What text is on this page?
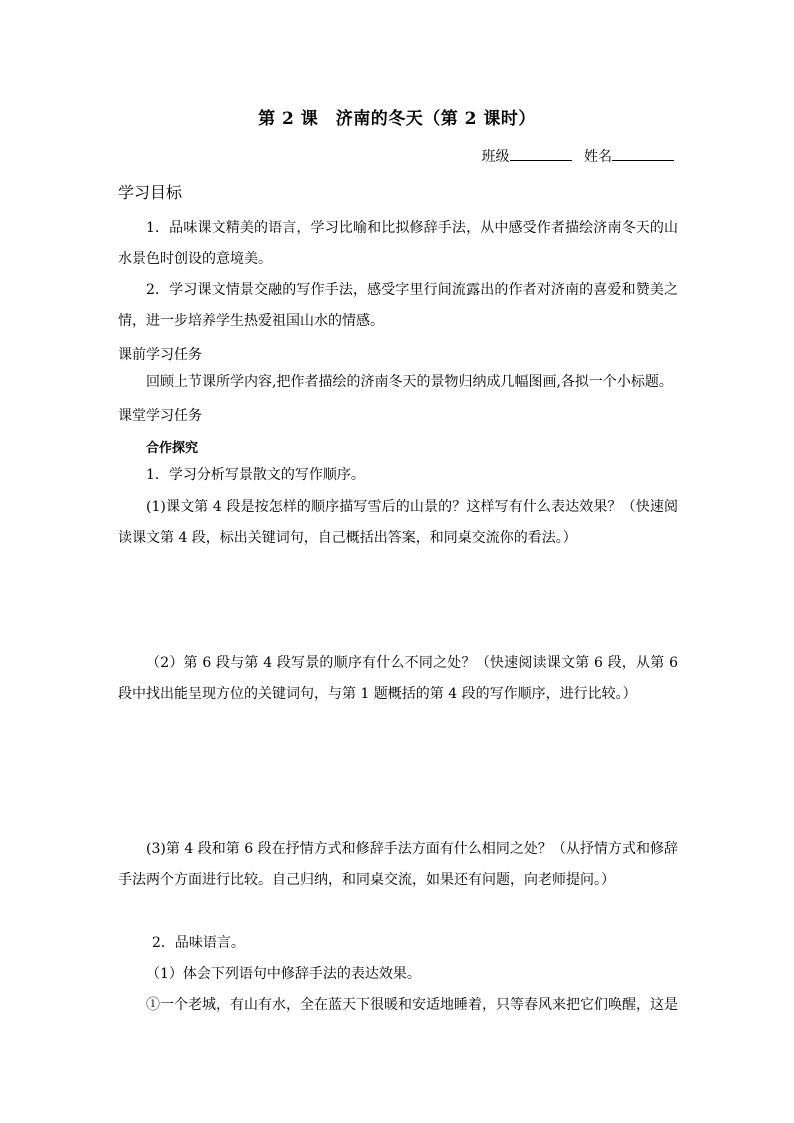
第 2 课　济南的冬天（第 2 课时）
班级	姓名
学习目标
1．品味课文精美的语言，学习比喻和比拟修辞手法，从中感受作者描绘济南冬天的山水景色时创设的意境美。
2．学习课文情景交融的写作手法，感受字里行间流露出的作者对济南的喜爱和赞美之情，进一步培养学生热爱祖国山水的情感。
课前学习任务
回顾上节课所学内容,把作者描绘的济南冬天的景物归纳成几幅图画,各拟一个小标题。
课堂学习任务
合作探究
1．学习分析写景散文的写作顺序。
(1)课文第 4 段是按怎样的顺序描写雪后的山景的？这样写有什么表达效果？（快速阅读课文第 4 段，标出关键词句，自己概括出答案，和同桌交流你的看法。）
（2）第 6 段与第 4 段写景的顺序有什么不同之处？（快速阅读课文第 6 段，从第 6 段中找出能呈现方位的关键词句，与第 1 题概括的第 4 段的写作顺序，进行比较。）
(3)第 4 段和第 6 段在抒情方式和修辞手法方面有什么相同之处？（从抒情方式和修辞手法两个方面进行比较。自己归纳，和同桌交流，如果还有问题，向老师提问。）
2．品味语言。
（1）体会下列语句中修辞手法的表达效果。
①一个老城，有山有水，全在蓝天下很暖和安适地睡着，只等春风来把它们唤醒，这是
